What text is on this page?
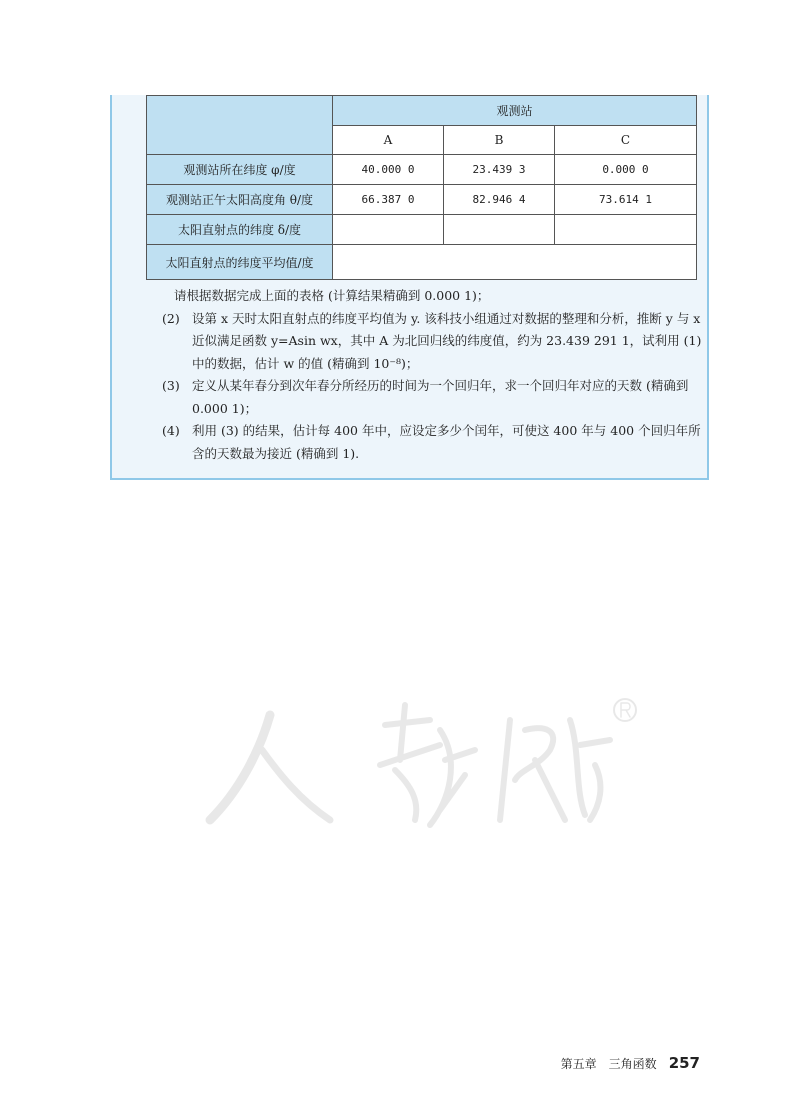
	观测站		
	A	B	C
观测站所在纬度 φ/度	40.000 0	23.439 3	0.000 0
观测站正午太阳高度角 θ/度	66.387 0	82.946 4	73.614 1
太阳直射点的纬度 δ/度			
太阳直射点的纬度平均值/度			

请根据数据完成上面的表格 (计算结果精确到 0.000 1)；

(2) 设第 x 天时太阳直射点的纬度平均值为 y. 该科技小组通过对数据的整理和分析，推断 y 与 x 近似满足函数 y=Asin wx，其中 A 为北回归线的纬度值，约为 23.439 291 1，试利用 (1) 中的数据，估计 w 的值 (精确到 10⁻⁸)；
(3) 定义从某年春分到次年春分所经历的时间为一个回归年，求一个回归年对应的天数 (精确到 0.000 1)；
(4) 利用 (3) 的结果，估计每 400 年中，应设定多少个闰年，可使这 400 年与 400 个回归年所含的天数最为接近 (精确到 1).
第五章 三角函数 257
